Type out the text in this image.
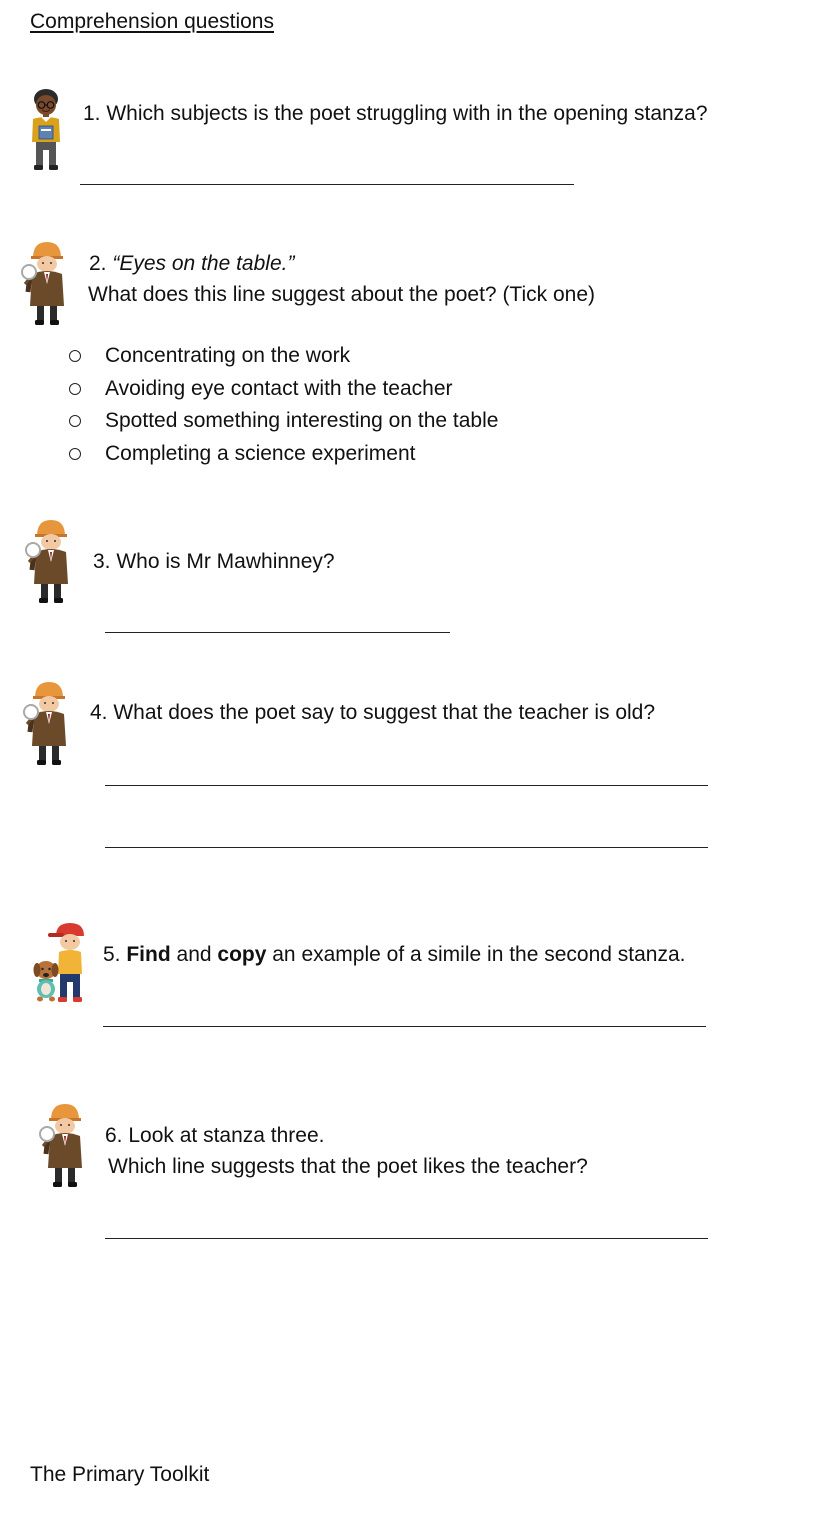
Comprehension questions
1. Which subjects is the poet struggling with in the opening stanza?
2. “Eyes on the table.”
What does this line suggest about the poet? (Tick one)
Concentrating on the work
Avoiding eye contact with the teacher
Spotted something interesting on the table
Completing a science experiment
3. Who is Mr Mawhinney?
4. What does the poet say to suggest that the teacher is old?
5. Find and copy an example of a simile in the second stanza.
6. Look at stanza three.
Which line suggests that the poet likes the teacher?
The Primary Toolkit
